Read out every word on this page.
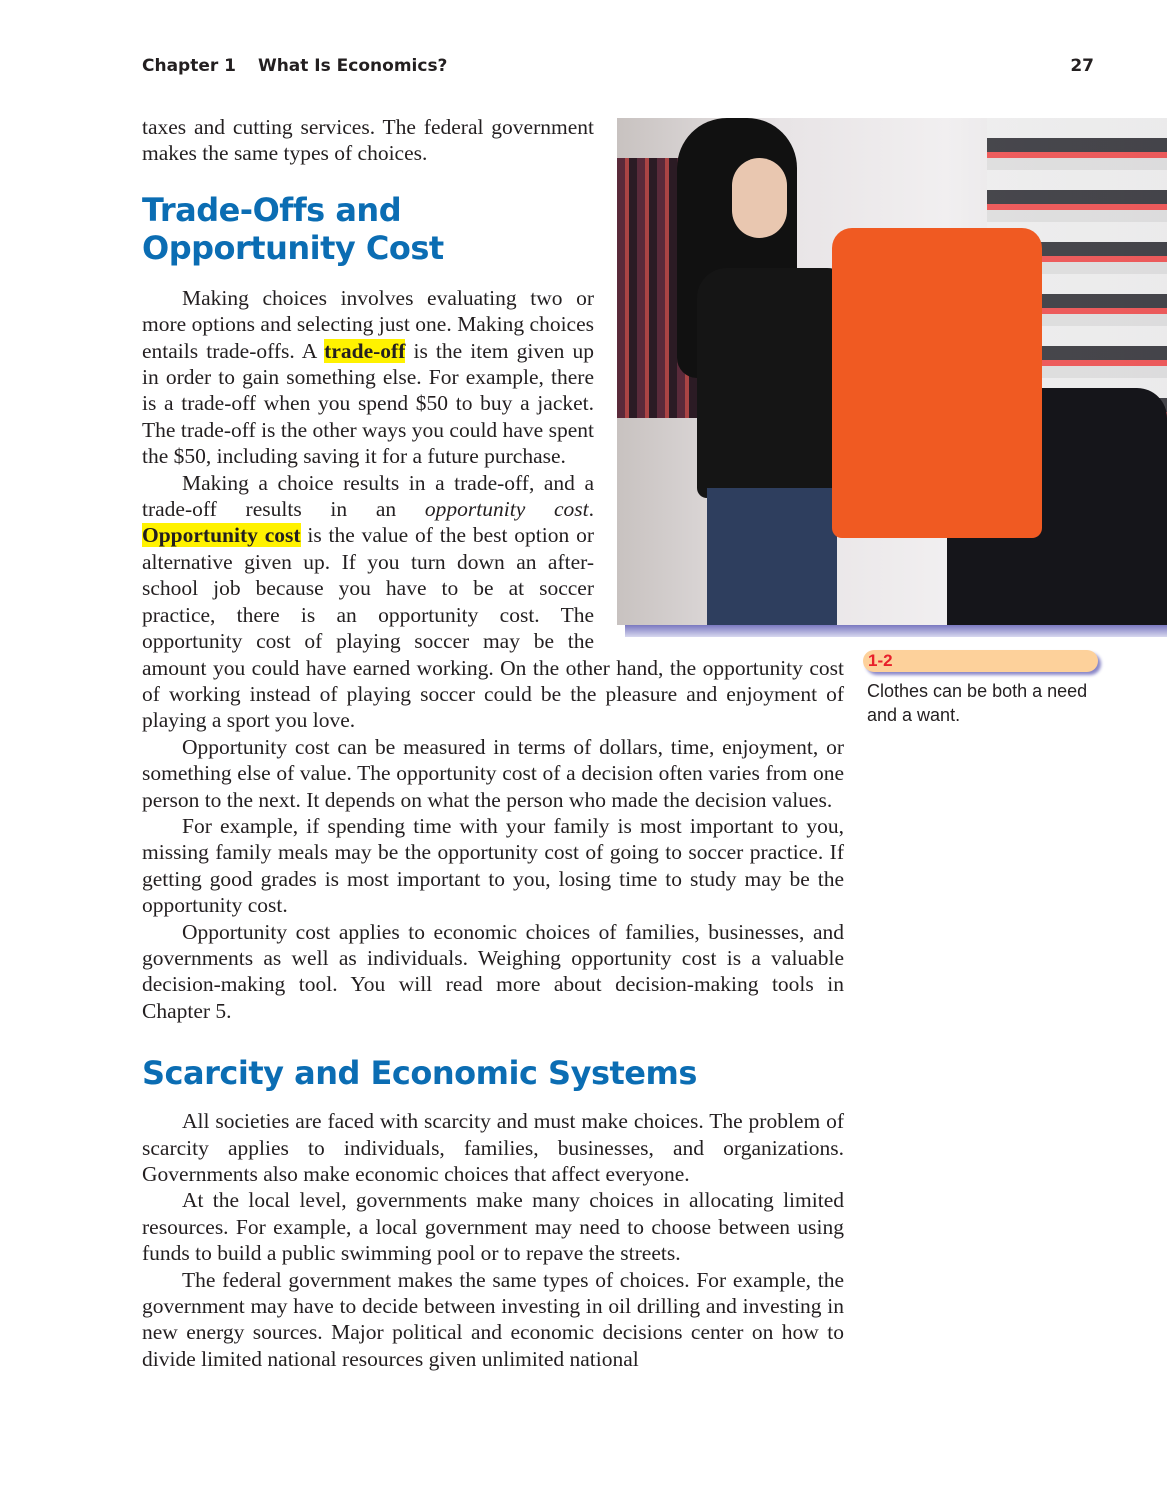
Chapter 1 What Is Economics?	27
1-2
Clothes can be both a need and a want.

taxes and cutting services. The federal government makes the same types of choices.

Trade-Offs and Opportunity Cost

Making choices involves evaluating two or more options and selecting just one. Making choices entails trade-offs. A trade-off is the item given up in order to gain something else. For example, there is a trade-off when you spend $50 to buy a jacket. The trade-off is the other ways you could have spent the $50, including saving it for a future purchase.

Making a choice results in a trade-off, and a trade-off results in an opportunity cost. Opportunity cost is the value of the best option or alternative given up. If you turn down an after-school job because you have to be at soccer practice, there is an opportunity cost. The opportunity cost of playing soccer may be the amount you could have earned working. On the other hand, the opportunity cost of working instead of playing soccer could be the pleasure and enjoyment of playing a sport you love.

Opportunity cost can be measured in terms of dollars, time, enjoyment, or something else of value. The opportunity cost of a decision often varies from one person to the next. It depends on what the person who made the decision values.

For example, if spending time with your family is most important to you, missing family meals may be the opportunity cost of going to soccer practice. If getting good grades is most important to you, losing time to study may be the opportunity cost.

Opportunity cost applies to economic choices of families, businesses, and governments as well as individuals. Weighing opportunity cost is a valuable decision-making tool. You will read more about decision-making tools in Chapter 5.

Scarcity and Economic Systems

All societies are faced with scarcity and must make choices. The problem of scarcity applies to individuals, families, businesses, and organizations. Governments also make economic choices that affect everyone.

At the local level, governments make many choices in allocating limited resources. For example, a local government may need to choose between using funds to build a public swimming pool or to repave the streets.

The federal government makes the same types of choices. For example, the government may have to decide between investing in oil drilling and investing in new energy sources. Major political and economic decisions center on how to divide limited national resources given unlimited national
